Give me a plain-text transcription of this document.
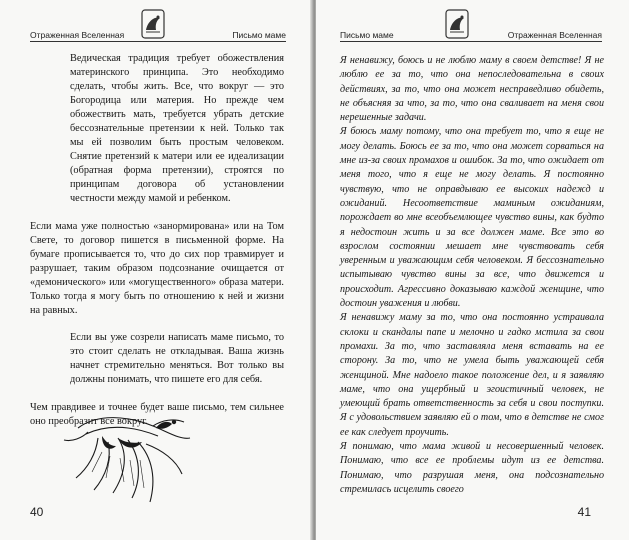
Отраженная Вселенная	Письмо маме

Ведическая традиция требует обожествления материнского принципа. Это необходимо сделать, чтобы жить. Все, что вокруг — это Богородица или материя. Но прежде чем обожествить мать, требуется убрать детские бессознательные претензии к ней. Только так мы ей позволим быть простым человеком. Снятие претензий к матери или ее идеализации (обратная форма претензии), строятся по принципам договора об установлении честности между мамой и ребенком.

Если мама уже полностью «занормирована» или на Том Свете, то договор пишется в письменной форме. На бумаге прописывается то, что до сих пор травмирует и разрушает, таким образом подсознание очищается от «демонического» или «могущественного» образа матери. Только тогда я могу быть по отношению к ней и жизни на равных.

Если вы уже созрели написать маме письмо, то это стоит сделать не откладывая. Ваша жизнь начнет стремительно меняться. Вот только вы должны понимать, что пишете его для себя.

Чем правдивее и точнее будет ваше письмо, тем сильнее оно преобразит все вокруг.

40
Письмо маме	Отраженная Вселенная

Я ненавижу, боюсь и не люблю маму в своем детстве! Я не люблю ее за то, что она непоследовательна в своих действиях, за то, что она может несправедливо обидеть, не объясняя за что, за то, что она сваливает на меня свои нерешенные задачи.

Я боюсь маму потому, что она требует то, что я еще не могу делать. Боюсь ее за то, что она может сорваться на мне из-за своих промахов и ошибок. За то, что ожидает от меня того, что я еще не могу делать. Я постоянно чувствую, что не оправдываю ее высоких надежд и ожиданий. Несоответствие маминым ожиданиям, порождает во мне всеобъемлющее чувство вины, как будто я недостоин жить и за все должен маме. Все это во взрослом состоянии мешает мне чувствовать себя уверенным и уважающим себя человеком. Я бессознательно испытываю чувство вины за все, что движется и происходит. Агрессивно доказываю каждой женщине, что достоин уважения и любви.

Я ненавижу маму за то, что она постоянно устраивала склоки и скандалы папе и мелочно и гадко мстила за свои промахи. За то, что заставляла меня вставать на ее сторону. За то, что не умела быть уважающей себя женщиной. Мне надоело такое положение дел, и я заявляю маме, что она ущербный и эгоистичный человек, не умеющий брать ответственность за себя и свои поступки. Я с удовольствием заявляю ей о том, что в детстве не смог ее как следует проучить.

Я понимаю, что мама живой и несовершенный человек. Понимаю, что все ее проблемы идут из ее детства. Понимаю, что разрушая меня, она подсознательно стремилась исцелить своего

41
